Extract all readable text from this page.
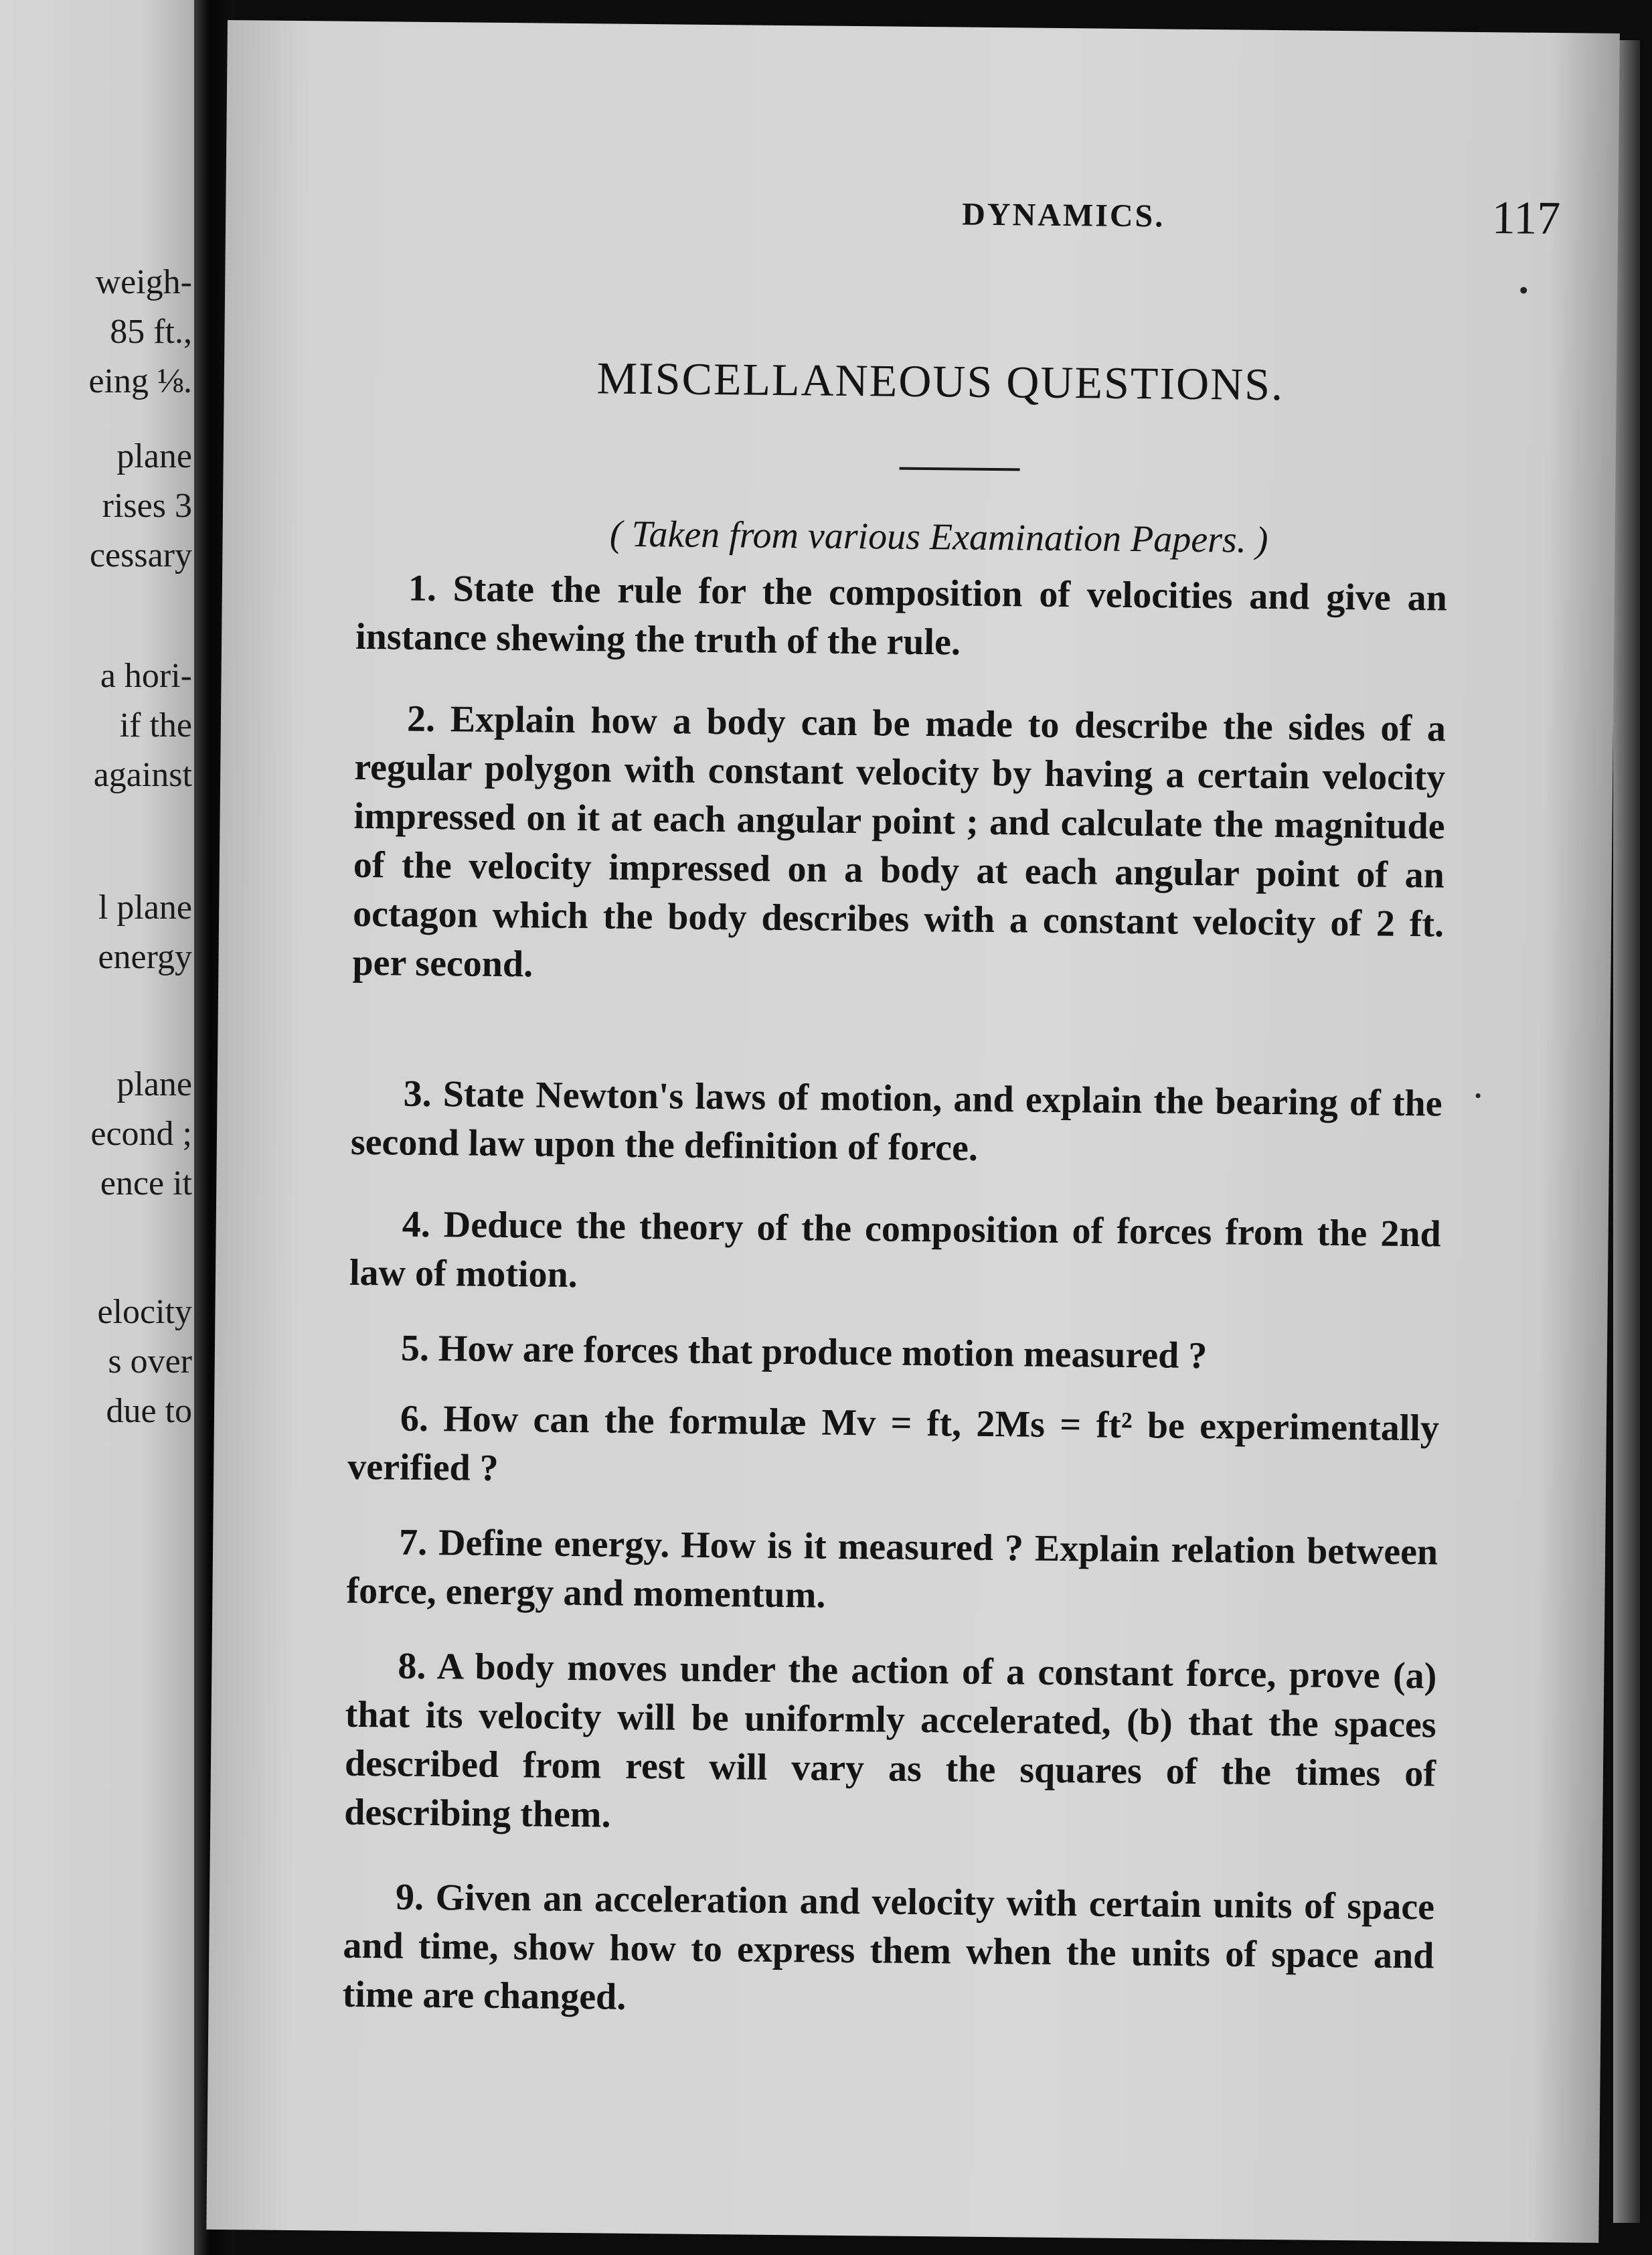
weigh-
85 ft.,
eing ⅛.
plane
rises 3
cessary
a hori-
if the
against
l plane
energy
plane
econd ;
ence it
elocity
s over
due to
DYNAMICS.	117
MISCELLANEOUS QUESTIONS.
( Taken from various Examination Papers. )

1. State the rule for the composition of velocities and give an instance shewing the truth of the rule.

2. Explain how a body can be made to describe the sides of a regular polygon with constant velocity by having a certain velocity impressed on it at each angular point ; and calculate the magnitude of the velocity impressed on a body at each angular point of an octagon which the body describes with a constant velocity of 2 ft. per second.

3. State Newton's laws of motion, and explain the bearing of the second law upon the definition of force.

4. Deduce the theory of the composition of forces from the 2nd law of motion.

5. How are forces that produce motion measured ?

6. How can the formulæ Mv = ft, 2Ms = ft² be experimentally verified ?

7. Define energy. How is it measured ? Explain relation between force, energy and momentum.

8. A body moves under the action of a constant force, prove (a) that its velocity will be uniformly accelerated, (b) that the spaces described from rest will vary as the squares of the times of describing them.

9. Given an acceleration and velocity with certain units of space and time, show how to express them when the units of space and time are changed.
